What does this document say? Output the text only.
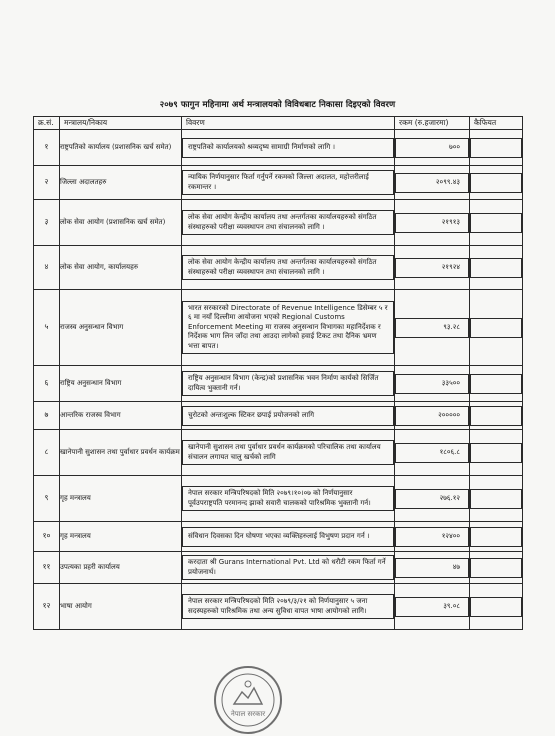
२०७९ फागुन महिनामा अर्थ मन्त्रालयको विविधबाट निकासा दिइएको विवरण
क्र.सं.	मन्त्रालय/निकाय	विवरण	रकम (रु.हजारमा)	कैफियत
१	राष्ट्रपतिको कार्यालय (प्रशासनिक खर्च समेत)	राष्ट्रपतिको कार्यालयको श्रव्यदृष्य सामाग्री निर्माणको लागि ।	७००	

२	जिल्ला अदालतहरु	न्यायिक निर्णयानुसार फिर्ता गर्नुपर्ने रकमको जिल्ला अदालत, महोत्तरीलाई रकमान्तर ।	२०९९.४३	

३	लोक सेवा आयोग (प्रशासनिक खर्च समेत)	लोक सेवा आयोग केन्द्रीय कार्यालय तथा अन्तर्गतका कार्यालयहरुको संगठित संस्थाहरुको परीक्षा व्यवस्थापन तथा संचालनको लागि ।	२१९१३	

४	लोक सेवा आयोग, कार्यालयहरु	लोक सेवा आयोग केन्द्रीय कार्यालय तथा अन्तर्गतका कार्यालयहरुको संगठित संस्थाहरुको परीक्षा व्यवस्थापन तथा संचालनको लागि ।	२१९२४	

५	राजस्व अनुसन्धान विभाग	भारत सरकारको Directorate of Revenue Intelligence डिसेम्बर ५ र ६ मा नयाँ दिल्लीमा आयोजना भएको Regional Customs Enforcement Meeting मा राजस्व अनुसन्धान विभागका महानिर्देशक र निर्देशक भाग लिन जाँदा तथा आउदा लागेको हवाई टिकट तथा दैनिक भ्रमण भत्ता बापत।	९३.२८	

६	राष्ट्रिय अनुसन्धान विभाग	राष्ट्रिय अनुसन्धान विभाग (केन्द्र)को प्रशासनिक भवन निर्माण कार्यको सिर्जित दायित्व भुक्तानी गर्न।	३३५००	

७	आन्तरिक राजस्व विभाग	चुरोटको अन्तःशुल्क स्टिकर छपाई प्रयोजनको लागि	२०००००	

८	खानेपानी सुशासन तथा पुर्वाधार प्रवर्धन कार्यक्रम	खानेपानी सुशासन तथा पुर्वाधार प्रवर्धन कार्यक्रमको परिचालिक तथा कार्यालय संचालन लगायत चालु खर्चको लागि	१८०६.८	

९	गृह मन्त्रालय	नेपाल सरकार मन्त्रिपरिषदको मिति २०७९।१०।०७ को निर्णयानुसार पूर्वउपराष्ट्रपति परमानन्द झाको सवारी चालकको पारिश्रमिक भुक्तानी गर्न।	२७६.१२	

१०	गृह मन्त्रालय	संविधान दिवसका दिन घोषणा भएका व्यक्तिहरुलाई विभुषण प्रदान गर्न ।	१२४००	

११	उपत्यका प्रहरी कार्यालय	करदाता श्री Gurans International Pvt. Ltd को धरौटी रकम फिर्ता गर्ने प्रयोजनार्थ।	४७	

१२	भाषा आयोग	नेपाल सरकार मन्त्रिपरिषदको मिति २०७९/३/२१ को निर्णयानुसार ५ जना सदस्यहरुको पारिश्रमिक तथा अन्य सुविधा वापत भाषा आयोगको लागि।	३९.०८	

नेपाल सरकार
